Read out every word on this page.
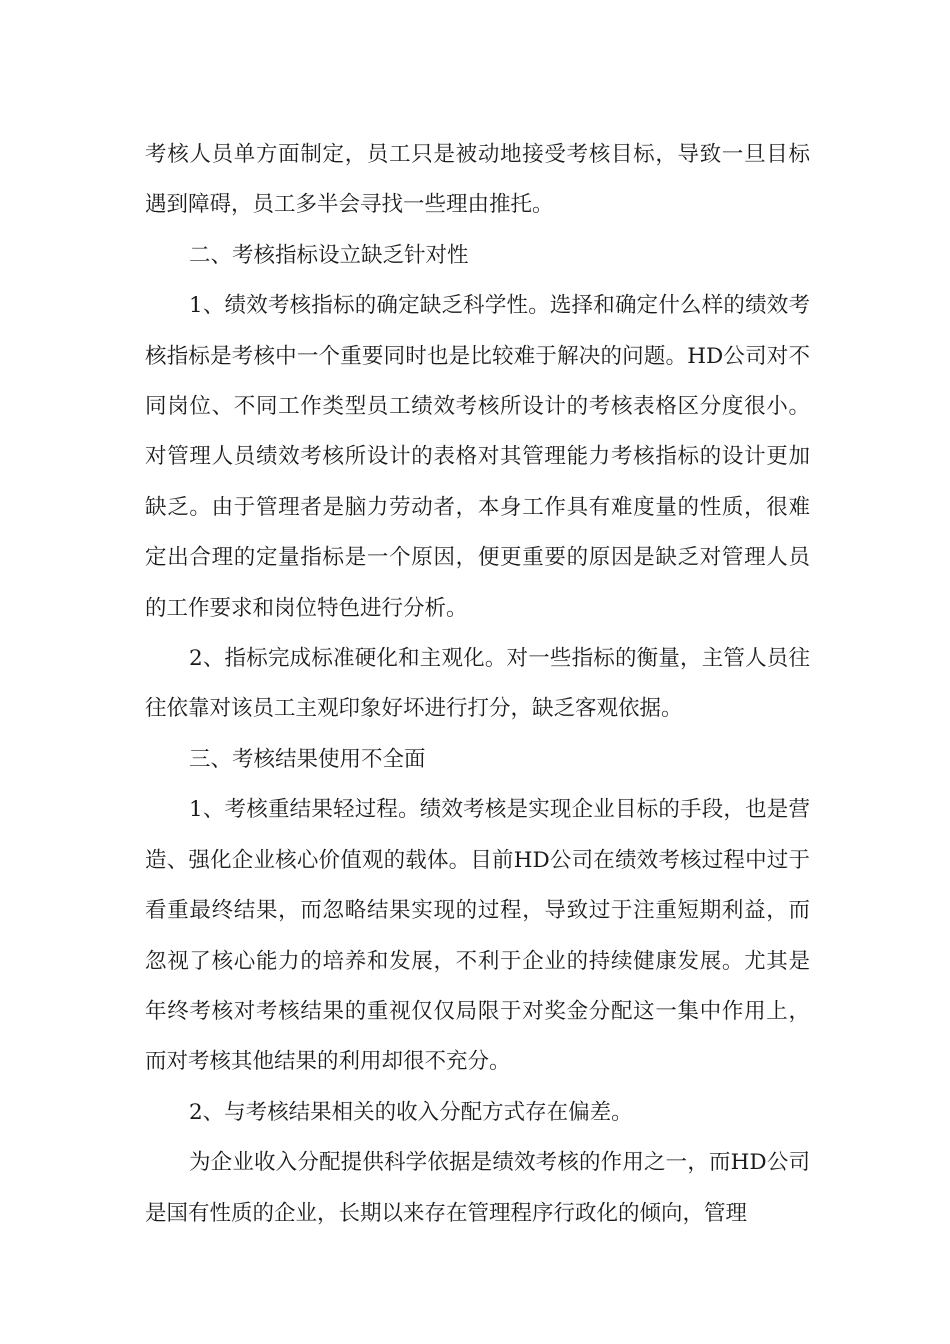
考核人员单方面制定，员工只是被动地接受考核目标，导致一旦目标遇到障碍，员工多半会寻找一些理由推托。

二、考核指标设立缺乏针对性

1、绩效考核指标的确定缺乏科学性。选择和确定什么样的绩效考核指标是考核中一个重要同时也是比较难于解决的问题。HD公司对不同岗位、不同工作类型员工绩效考核所设计的考核表格区分度很小。对管理人员绩效考核所设计的表格对其管理能力考核指标的设计更加缺乏。由于管理者是脑力劳动者，本身工作具有难度量的性质，很难定出合理的定量指标是一个原因，便更重要的原因是缺乏对管理人员的工作要求和岗位特色进行分析。

2、指标完成标准硬化和主观化。对一些指标的衡量，主管人员往往依靠对该员工主观印象好坏进行打分，缺乏客观依据。

三、考核结果使用不全面

1、考核重结果轻过程。绩效考核是实现企业目标的手段，也是营造、强化企业核心价值观的载体。目前HD公司在绩效考核过程中过于看重最终结果，而忽略结果实现的过程，导致过于注重短期利益，而忽视了核心能力的培养和发展，不利于企业的持续健康发展。尤其是年终考核对考核结果的重视仅仅局限于对奖金分配这一集中作用上，而对考核其他结果的利用却很不充分。

2、与考核结果相关的收入分配方式存在偏差。

为企业收入分配提供科学依据是绩效考核的作用之一，而HD公司是国有性质的企业，长期以来存在管理程序行政化的倾向，管理
